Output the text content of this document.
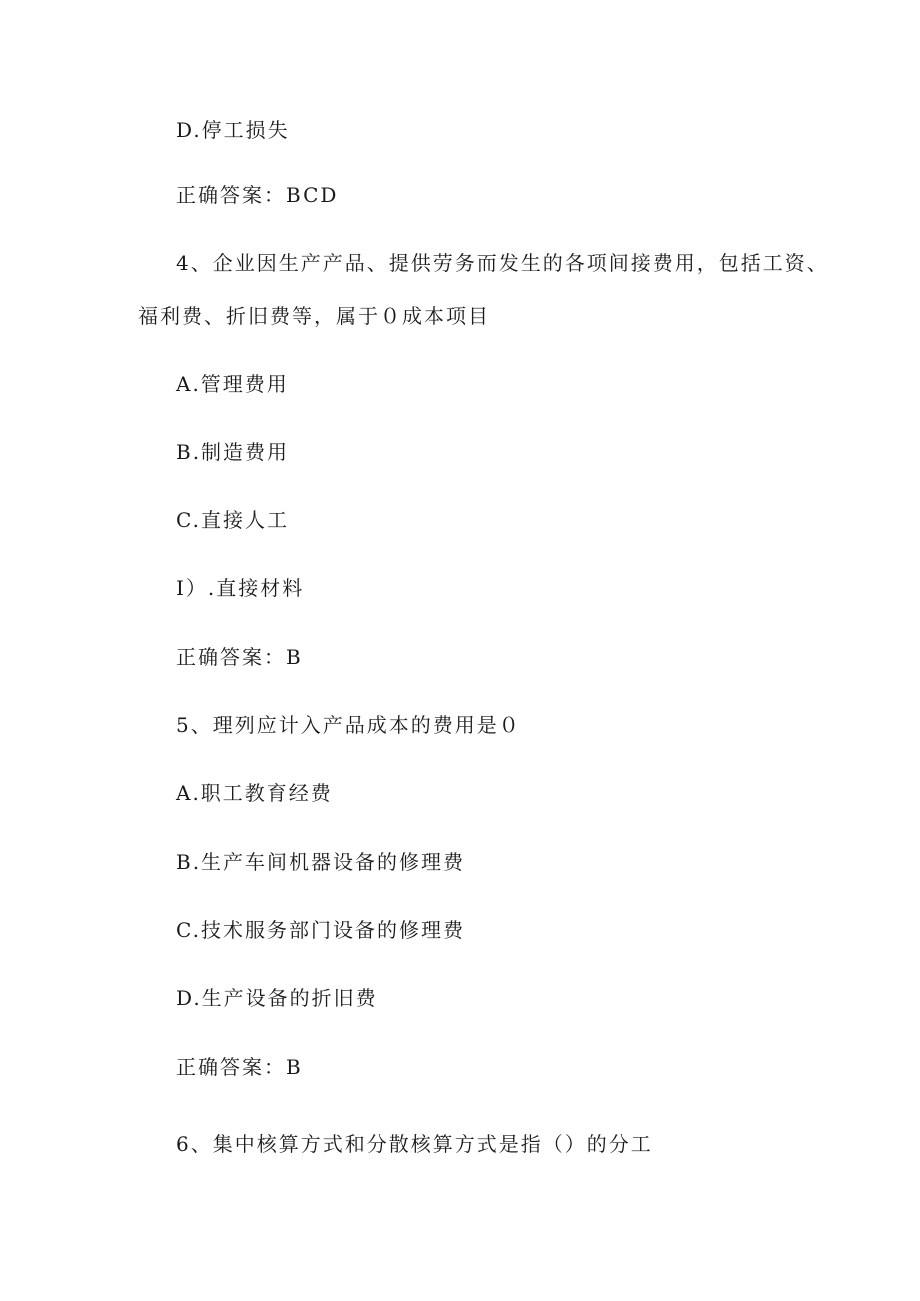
D.停工损失
正确答案：BCD
4、企业因生产产品、提供劳务而发生的各项间接费用，包括工资、
福利费、折旧费等，属于０成本项目
A.管理费用
B.制造费用
C.直接人工
I）.直接材料
正确答案：B
5、理列应计入产品成本的费用是０
A.职工教育经费
B.生产车间机器设备的修理费
C.技术服务部门设备的修理费
D.生产设备的折旧费
正确答案：B
6、集中核算方式和分散核算方式是指（）的分工
